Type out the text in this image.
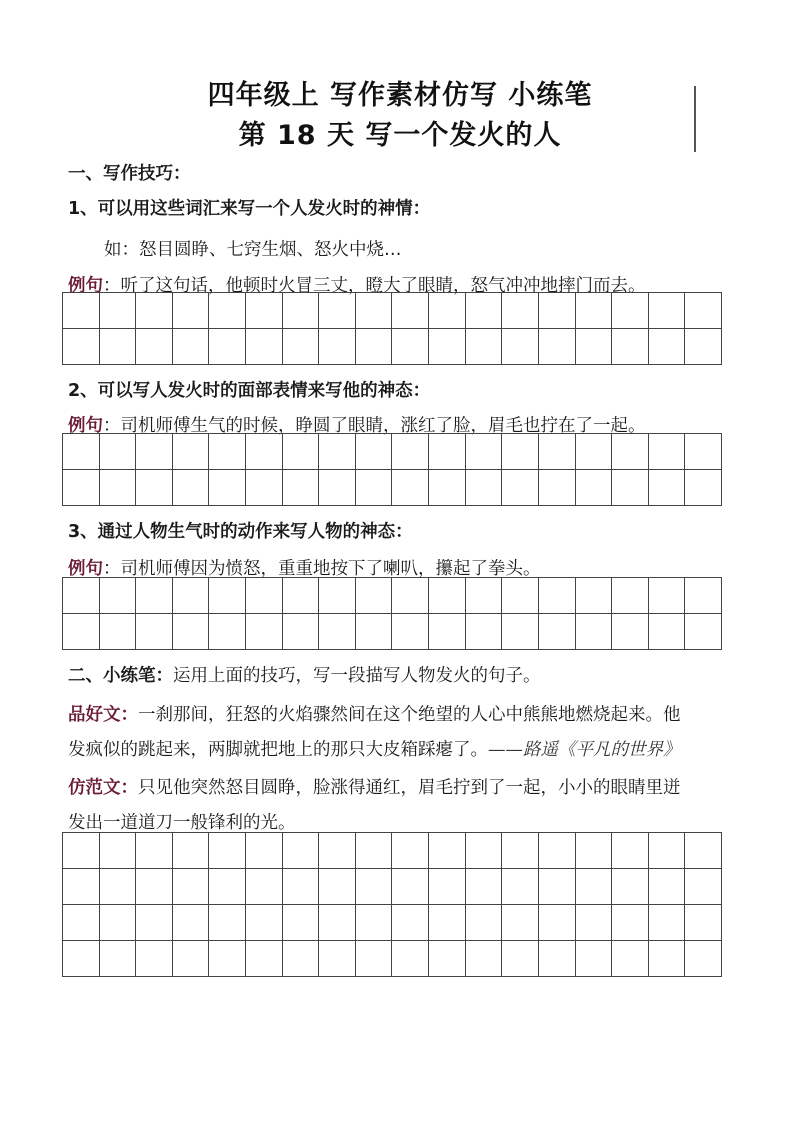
四年级上 写作素材仿写 小练笔
第 18 天 写一个发火的人
一、写作技巧：
1、可以用这些词汇来写一个人发火时的神情：
如：怒目圆睁、七窍生烟、怒火中烧…
例句：听了这句话，他顿时火冒三丈，瞪大了眼睛，怒气冲冲地摔门而去。
2、可以写人发火时的面部表情来写他的神态：
例句：司机师傅生气的时候，睁圆了眼睛，涨红了脸，眉毛也拧在了一起。
3、通过人物生气时的动作来写人物的神态：
例句：司机师傅因为愤怒，重重地按下了喇叭，攥起了拳头。
二、小练笔：运用上面的技巧，写一段描写人物发火的句子。
品好文：一刹那间，狂怒的火焰骤然间在这个绝望的人心中熊熊地燃烧起来。他
发疯似的跳起来，两脚就把地上的那只大皮箱踩瘪了。——路遥《平凡的世界》
仿范文：只见他突然怒目圆睁，脸涨得通红，眉毛拧到了一起，小小的眼睛里迸
发出一道道刀一般锋利的光。
